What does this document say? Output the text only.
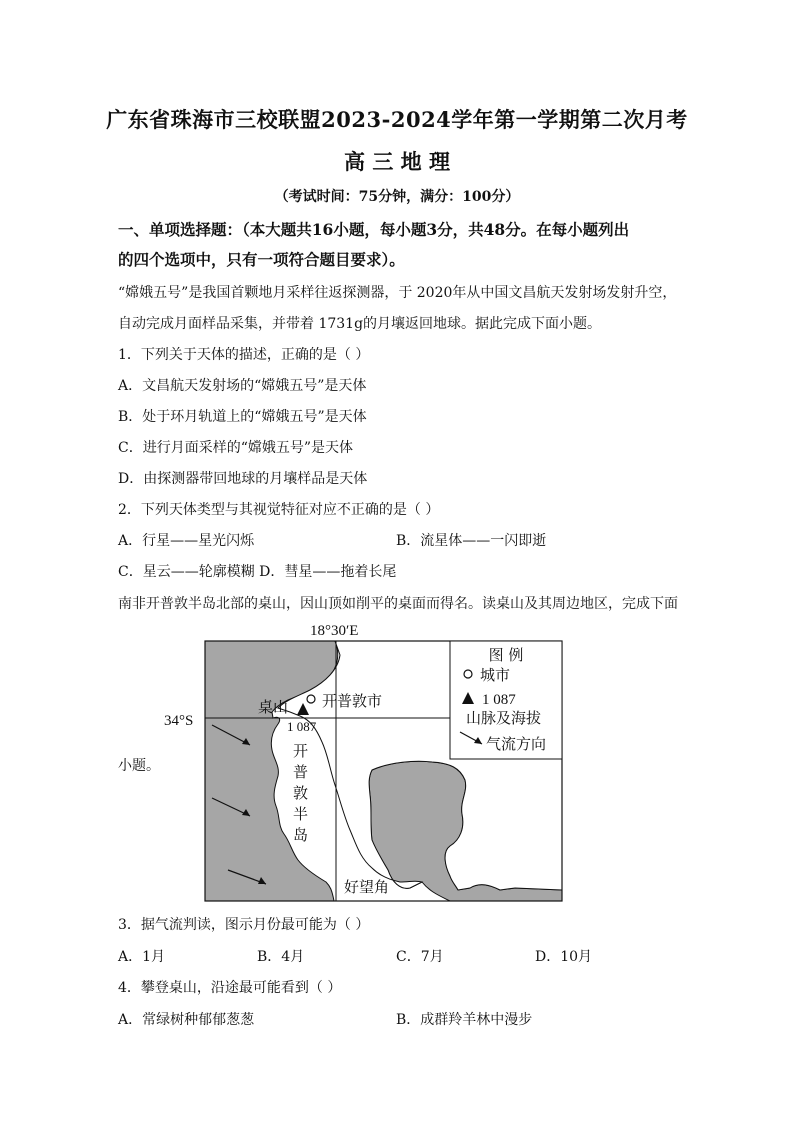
广东省珠海市三校联盟2023-2024学年第一学期第二次月考
高 三 地 理
（考试时间：75分钟，满分：100分）
一、单项选择题：（本大题共16小题，每小题3分，共48分。在每小题列出
的四个选项中，只有一项符合题目要求）。
“嫦娥五号”是我国首颗地月采样往返探测器，于 2020年从中国文昌航天发射场发射升空，
自动完成月面样品采集，并带着 1731g的月壤返回地球。据此完成下面小题。
1．下列关于天体的描述，正确的是（ ）
A．文昌航天发射场的“嫦娥五号”是天体
B．处于环月轨道上的“嫦娥五号”是天体
C．进行月面采样的“嫦娥五号”是天体
D．由探测器带回地球的月壤样品是天体
2．下列天体类型与其视觉特征对应不正确的是（ ）
A．行星——星光闪烁	B．流星体——一闪即逝
C．星云——轮廓模糊 D．彗星——拖着长尾
南非开普敦半岛北部的桌山，因山顶如削平的桌面而得名。读桌山及其周边地区，完成下面
小题。
图 例
城市
1 087
山脉及海拔
气流方向
18°30′E
34°S
桌山
1 087
开普敦市
开
普
敦
半
岛
好望角
3．据气流判读，图示月份最可能为（ ）
A．1月	B．4月	C．7月	D．10月
4．攀登桌山，沿途最可能看到（ ）
A．常绿树种郁郁葱葱	B．成群羚羊林中漫步
